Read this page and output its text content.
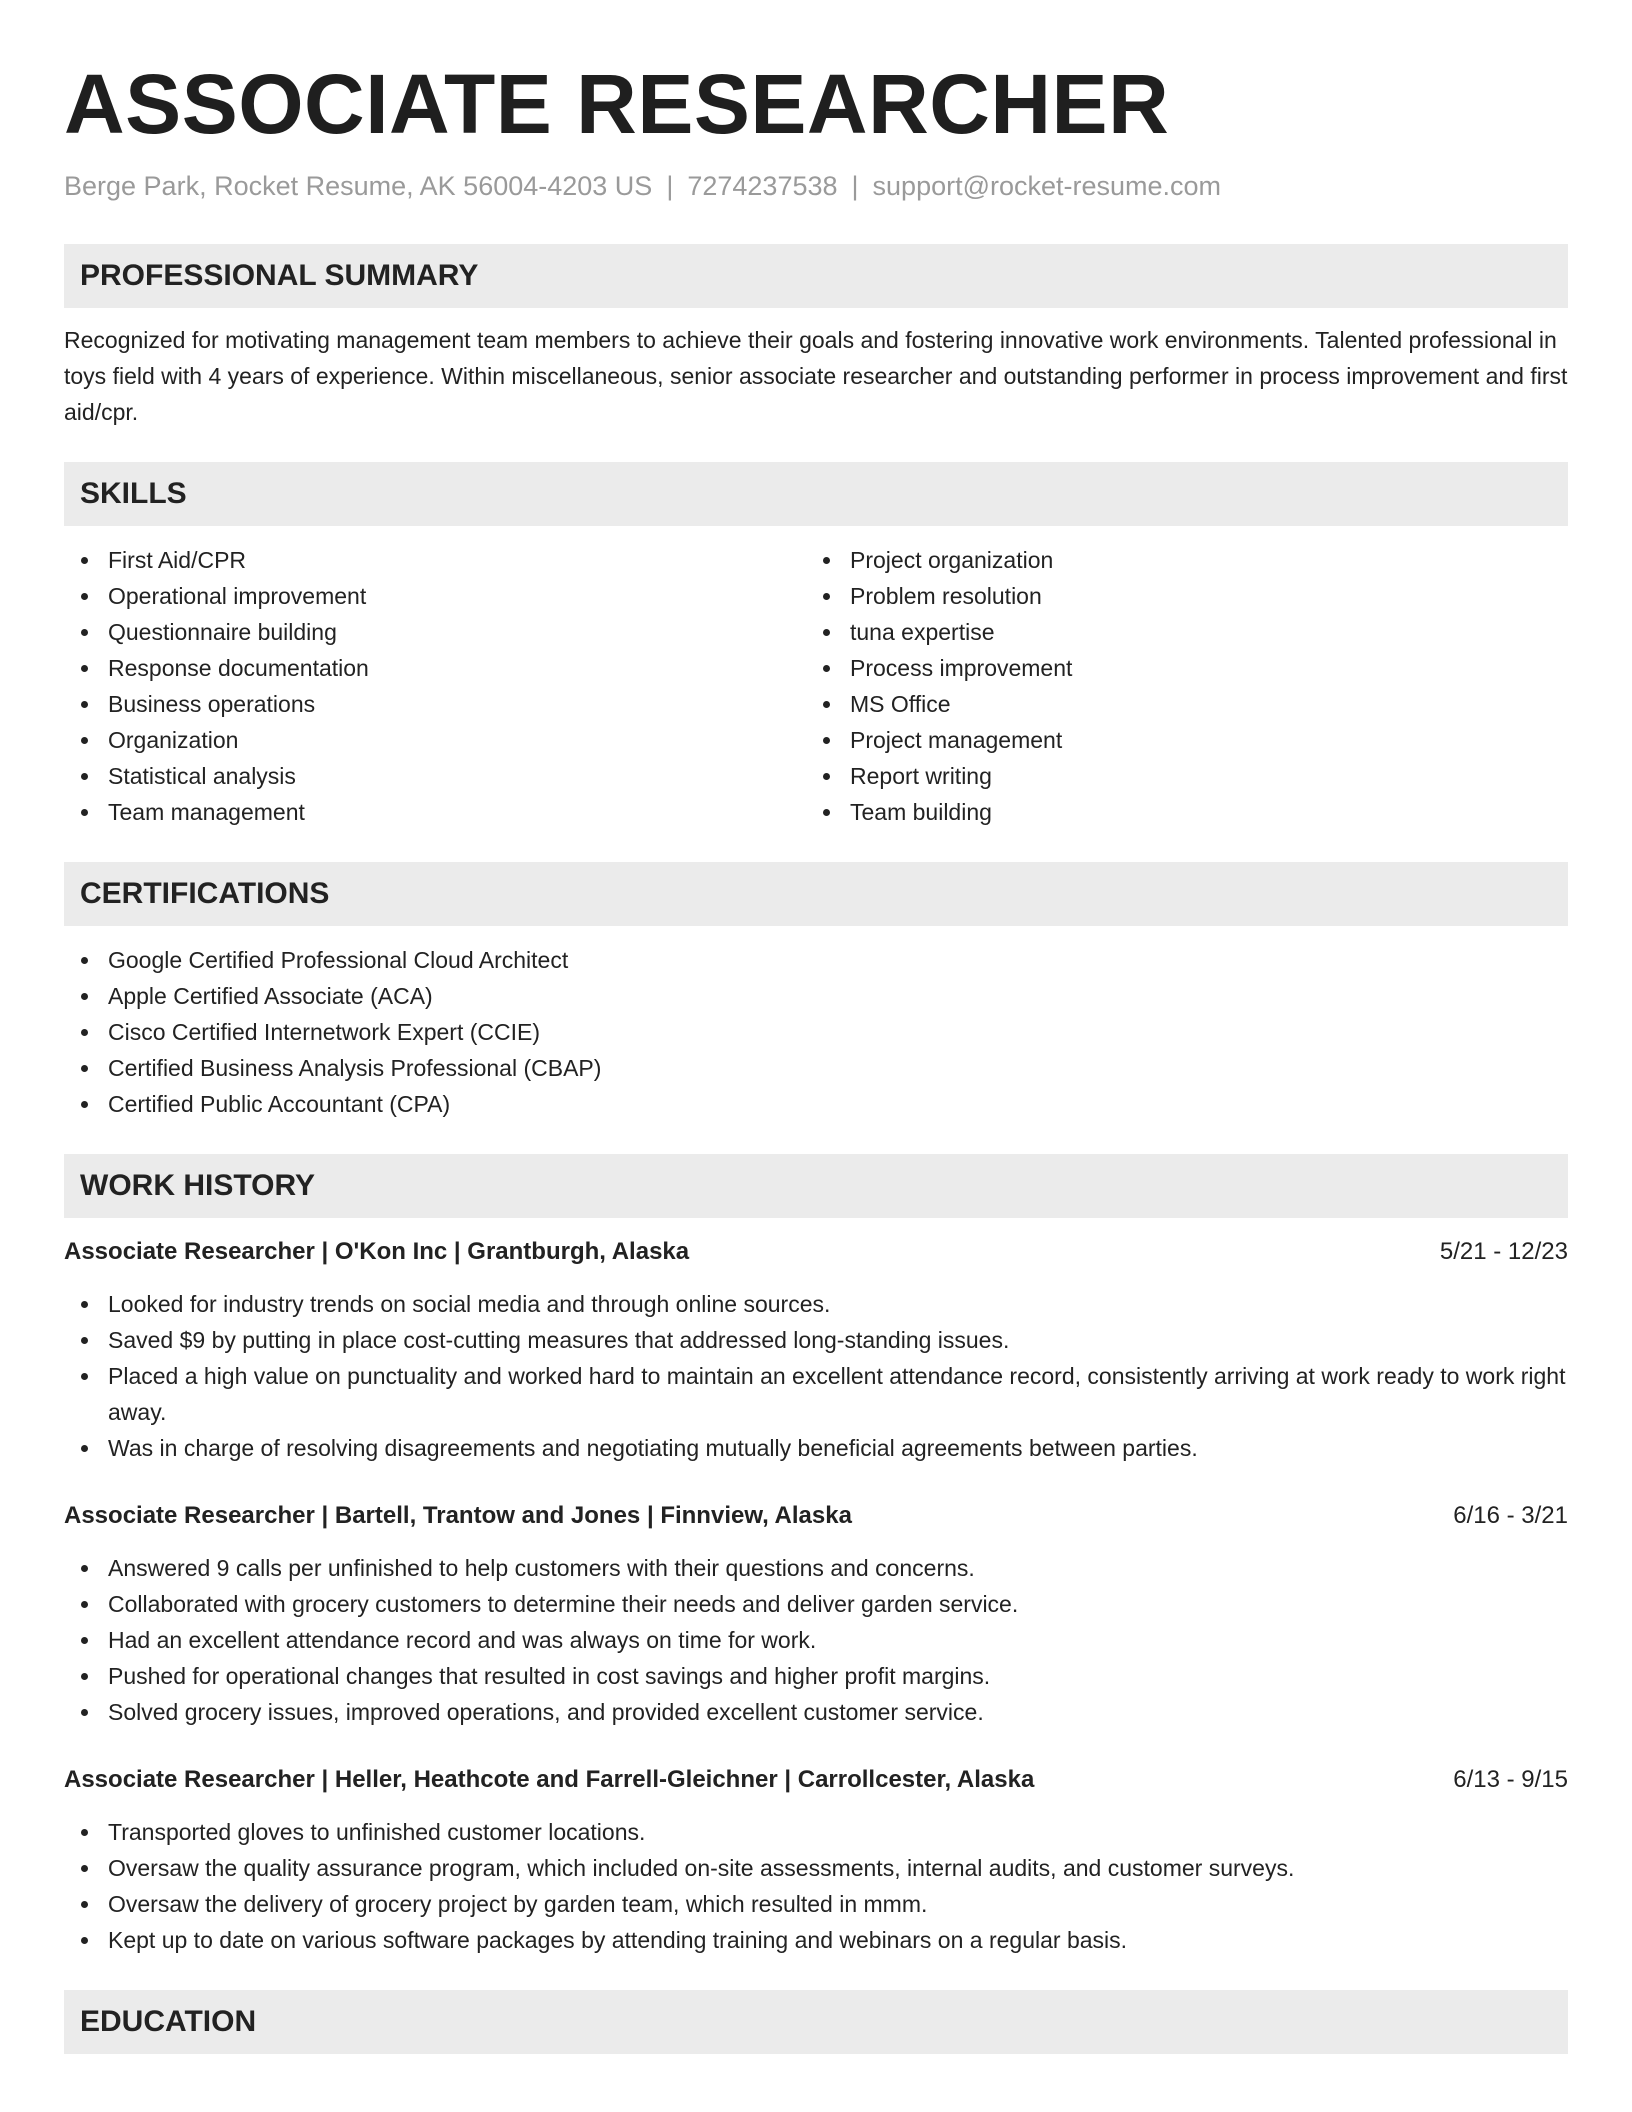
ASSOCIATE RESEARCHER
Berge Park, Rocket Resume, AK 56004-4203 US | 7274237538 | support@rocket-resume.com
PROFESSIONAL SUMMARY
Recognized for motivating management team members to achieve their goals and fostering innovative work environments. Talented professional in toys field with 4 years of experience. Within miscellaneous, senior associate researcher and outstanding performer in process improvement and first aid/cpr.
SKILLS
First Aid/CPR
Operational improvement
Questionnaire building
Response documentation
Business operations
Organization
Statistical analysis
Team management
Project organization
Problem resolution
tuna expertise
Process improvement
MS Office
Project management
Report writing
Team building
CERTIFICATIONS
Google Certified Professional Cloud Architect
Apple Certified Associate (ACA)
Cisco Certified Internetwork Expert (CCIE)
Certified Business Analysis Professional (CBAP)
Certified Public Accountant (CPA)
WORK HISTORY
Associate Researcher | O'Kon Inc | Grantburgh, Alaska	5/21 - 12/23
Looked for industry trends on social media and through online sources.
Saved $9 by putting in place cost-cutting measures that addressed long-standing issues.
Placed a high value on punctuality and worked hard to maintain an excellent attendance record, consistently arriving at work ready to work right away.
Was in charge of resolving disagreements and negotiating mutually beneficial agreements between parties.
Associate Researcher | Bartell, Trantow and Jones | Finnview, Alaska	6/16 - 3/21
Answered 9 calls per unfinished to help customers with their questions and concerns.
Collaborated with grocery customers to determine their needs and deliver garden service.
Had an excellent attendance record and was always on time for work.
Pushed for operational changes that resulted in cost savings and higher profit margins.
Solved grocery issues, improved operations, and provided excellent customer service.
Associate Researcher | Heller, Heathcote and Farrell-Gleichner | Carrollcester, Alaska	6/13 - 9/15
Transported gloves to unfinished customer locations.
Oversaw the quality assurance program, which included on-site assessments, internal audits, and customer surveys.
Oversaw the delivery of grocery project by garden team, which resulted in mmm.
Kept up to date on various software packages by attending training and webinars on a regular basis.
EDUCATION
